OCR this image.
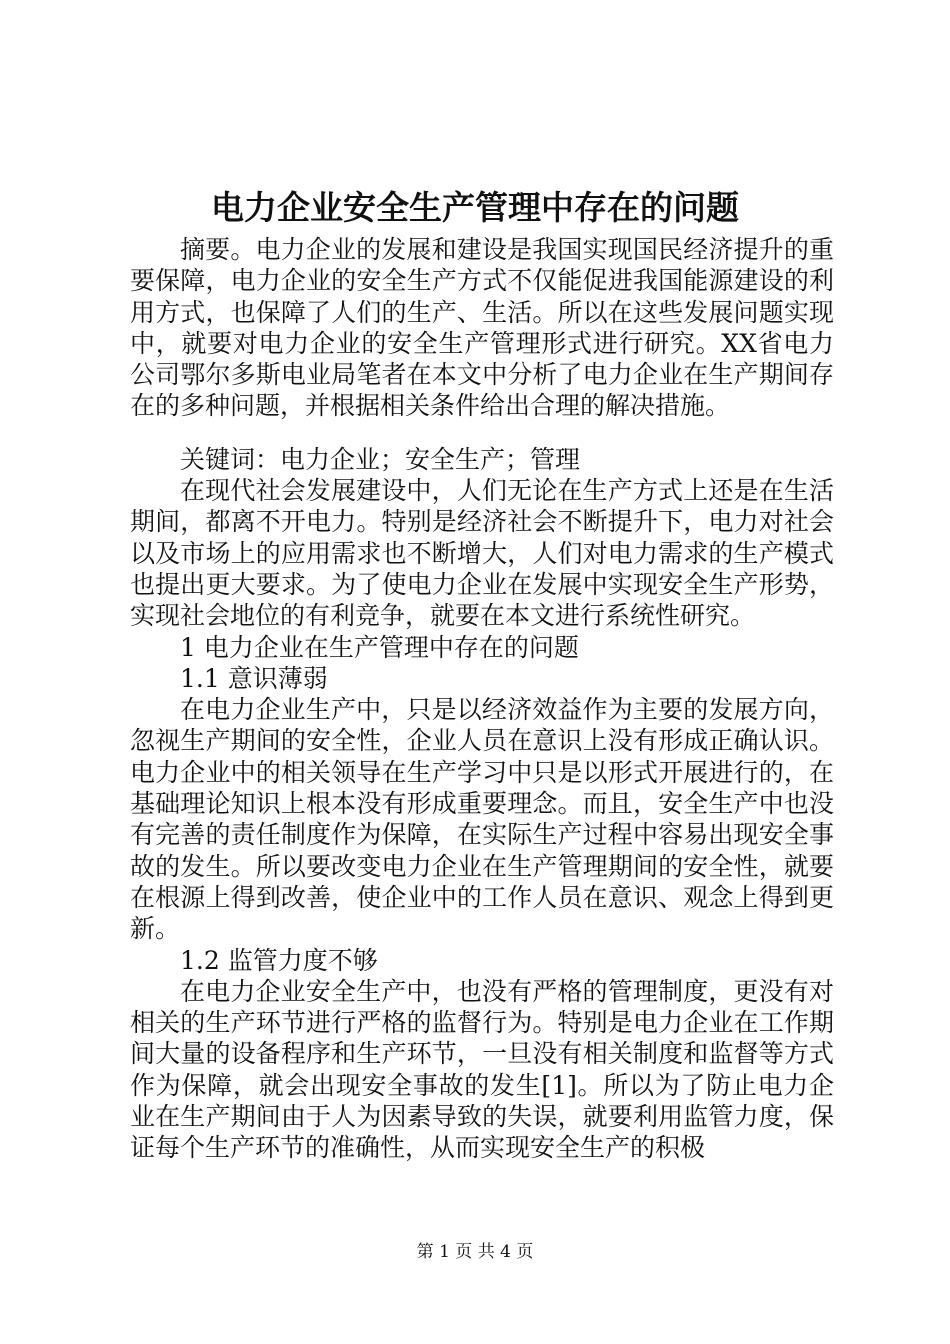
电力企业安全生产管理中存在的问题

摘要。电力企业的发展和建设是我国实现国民经济提升的重要保障，电力企业的安全生产方式不仅能促进我国能源建设的利用方式，也保障了人们的生产、生活。所以在这些发展问题实现中，就要对电力企业的安全生产管理形式进行研究。XX省电力公司鄂尔多斯电业局笔者在本文中分析了电力企业在生产期间存在的多种问题，并根据相关条件给出合理的解决措施。

关键词：电力企业；安全生产；管理

在现代社会发展建设中，人们无论在生产方式上还是在生活期间，都离不开电力。特别是经济社会不断提升下，电力对社会以及市场上的应用需求也不断增大，人们对电力需求的生产模式也提出更大要求。为了使电力企业在发展中实现安全生产形势，实现社会地位的有利竞争，就要在本文进行系统性研究。

1 电力企业在生产管理中存在的问题

1.1 意识薄弱

在电力企业生产中，只是以经济效益作为主要的发展方向，忽视生产期间的安全性，企业人员在意识上没有形成正确认识。电力企业中的相关领导在生产学习中只是以形式开展进行的，在基础理论知识上根本没有形成重要理念。而且，安全生产中也没有完善的责任制度作为保障，在实际生产过程中容易出现安全事故的发生。所以要改变电力企业在生产管理期间的安全性，就要在根源上得到改善，使企业中的工作人员在意识、观念上得到更新。

1.2 监管力度不够

在电力企业安全生产中，也没有严格的管理制度，更没有对相关的生产环节进行严格的监督行为。特别是电力企业在工作期间大量的设备程序和生产环节，一旦没有相关制度和监督等方式作为保障，就会出现安全事故的发生[1]。所以为了防止电力企业在生产期间由于人为因素导致的失误，就要利用监管力度，保证每个生产环节的准确性，从而实现安全生产的积极

第 1 页 共 4 页
